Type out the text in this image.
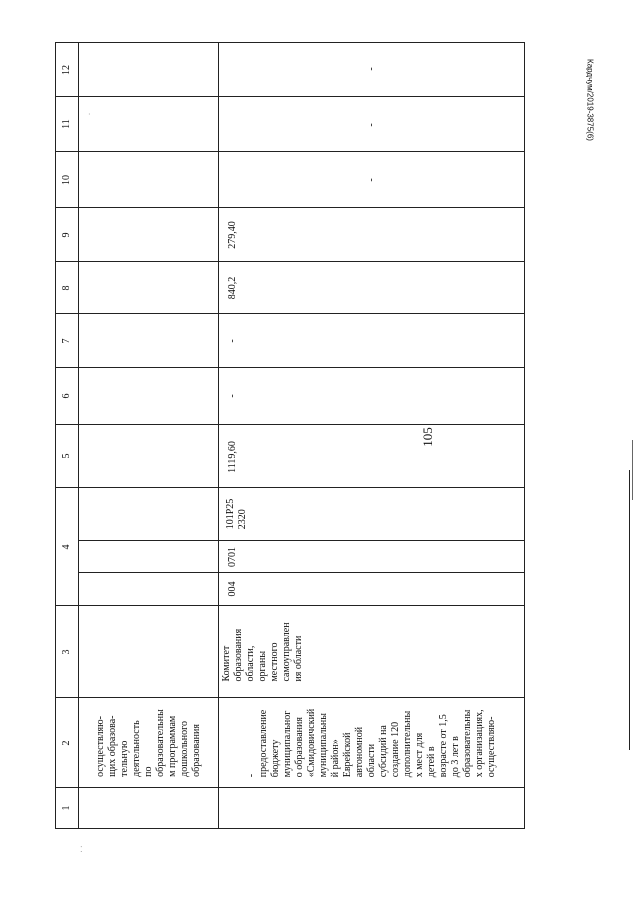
105
Кардчум/2019-3875(6)
⁚
·
12
11
10
9
8
7
6
5
4
3
2
1
осуществляю-
щих образова-
тельную
деятельность
по
образовательны
м программам
дошкольного
образования
-
-
-
279,40
840,2
-
-
1119,60
101P25
2320
0701
004
Комитет
образования
области,
органы
местного
самоуправлен
ия области
-
предоставление
бюджету
муниципальног
о образования
«Смидовичский
муниципальны
й район»
Еврейской
автономной
области
субсидий на
создание 120
дополнительны
х мест для
детей в
возрасте от 1,5
до 3 лет в
образовательны
х организациях,
осуществляю-
